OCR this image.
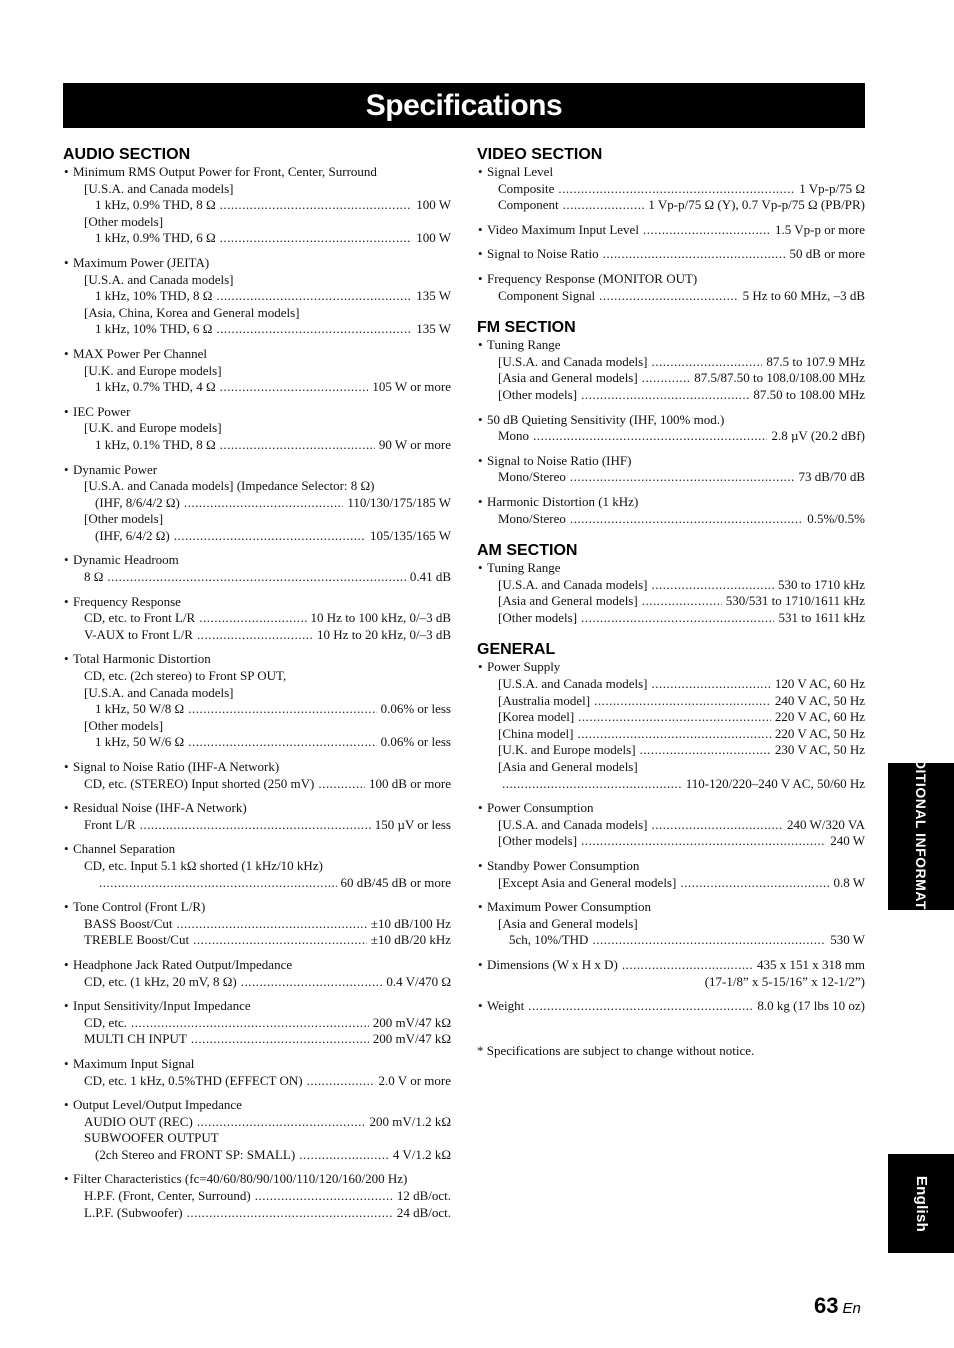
Specifications
AUDIO SECTION
• Minimum RMS Output Power for Front, Center, Surround
[U.S.A. and Canada models]
1 kHz, 0.9% THD, 8 Ω .....	100 W
[Other models]
1 kHz, 0.9% THD, 6 Ω .....	100 W
• Maximum Power (JEITA)
[U.S.A. and Canada models]
1 kHz, 10% THD, 8 Ω .....	135 W
[Asia, China, Korea and General models]
1 kHz, 10% THD, 6 Ω .....	135 W
• MAX Power Per Channel
[U.K. and Europe models]
1 kHz, 0.7% THD, 4 Ω .....	105 W or more
• IEC Power
[U.K. and Europe models]
1 kHz, 0.1% THD, 8 Ω .....	90 W or more
• Dynamic Power
[U.S.A. and Canada models] (Impedance Selector: 8 Ω)
(IHF, 8/6/4/2 Ω) .....	110/130/175/185 W
[Other models]
(IHF, 6/4/2 Ω) .....	105/135/165 W
• Dynamic Headroom
8 Ω .....	0.41 dB
• Frequency Response
CD, etc. to Front L/R .....	10 Hz to 100 kHz, 0/–3 dB
V-AUX to Front L/R .....	10 Hz to 20 kHz, 0/–3 dB
• Total Harmonic Distortion
CD, etc. (2ch stereo) to Front SP OUT,
[U.S.A. and Canada models]
1 kHz, 50 W/8 Ω .....	0.06% or less
[Other models]
1 kHz, 50 W/6 Ω .....	0.06% or less
• Signal to Noise Ratio (IHF-A Network)
CD, etc. (STEREO) Input shorted (250 mV) .....	100 dB or more
• Residual Noise (IHF-A Network)
Front L/R .....	150 µV or less
• Channel Separation
CD, etc. Input 5.1 kΩ shorted (1 kHz/10 kHz)
.....
60 dB/45 dB or more
• Tone Control (Front L/R)
BASS Boost/Cut .....	±10 dB/100 Hz
TREBLE Boost/Cut .....	±10 dB/20 kHz
• Headphone Jack Rated Output/Impedance
CD, etc. (1 kHz, 20 mV, 8 Ω) .....	0.4 V/470 Ω
• Input Sensitivity/Input Impedance
CD, etc. .....	200 mV/47 kΩ
MULTI CH INPUT .....	200 mV/47 kΩ
• Maximum Input Signal
CD, etc. 1 kHz, 0.5%THD (EFFECT ON) .....	2.0 V or more
• Output Level/Output Impedance
AUDIO OUT (REC) .....	200 mV/1.2 kΩ
SUBWOOFER OUTPUT
(2ch Stereo and FRONT SP: SMALL) .....	4 V/1.2 kΩ
• Filter Characteristics (fc=40/60/80/90/100/110/120/160/200 Hz)
H.P.F. (Front, Center, Surround) .....	12 dB/oct.
L.P.F. (Subwoofer) .....	24 dB/oct.
VIDEO SECTION
• Signal Level
Composite .....	1 Vp-p/75 Ω
Component .....	1 Vp-p/75 Ω (Y), 0.7 Vp-p/75 Ω (PB/PR)
• Video Maximum Input Level .....	1.5 Vp-p or more
• Signal to Noise Ratio .....	50 dB or more
• Frequency Response (MONITOR OUT)
Component Signal .....	5 Hz to 60 MHz, –3 dB
FM SECTION
• Tuning Range
[U.S.A. and Canada models] .....	87.5 to 107.9 MHz
[Asia and General models] .....	87.5/87.50 to 108.0/108.00 MHz
[Other models] .....	87.50 to 108.00 MHz
• 50 dB Quieting Sensitivity (IHF, 100% mod.)
Mono .....	2.8 µV (20.2 dBf)
• Signal to Noise Ratio (IHF)
Mono/Stereo .....	73 dB/70 dB
• Harmonic Distortion (1 kHz)
Mono/Stereo .....	0.5%/0.5%
AM SECTION
• Tuning Range
[U.S.A. and Canada models] .....	530 to 1710 kHz
[Asia and General models] .....	530/531 to 1710/1611 kHz
[Other models] .....	531 to 1611 kHz
GENERAL
• Power Supply
[U.S.A. and Canada models] .....	120 V AC, 60 Hz
[Australia model] .....	240 V AC, 50 Hz
[Korea model] .....	220 V AC, 60 Hz
[China model] .....	220 V AC, 50 Hz
[U.K. and Europe models] .....	230 V AC, 50 Hz
[Asia and General models]
.....
110-120/220–240 V AC, 50/60 Hz
• Power Consumption
[U.S.A. and Canada models] .....	240 W/320 VA
[Other models] .....	240 W
• Standby Power Consumption
[Except Asia and General models] .....	0.8 W
• Maximum Power Consumption
[Asia and General models]
5ch, 10%/THD .....	530 W
• Dimensions (W x H x D) .....	435 x 151 x 318 mm
(17-1/8” x 5-15/16” x 12-1/2”)
• Weight .....	8.0 kg (17 lbs 10 oz)
* Specifications are subject to change without notice.
ADDITIONAL INFORMATION
English
63 En
